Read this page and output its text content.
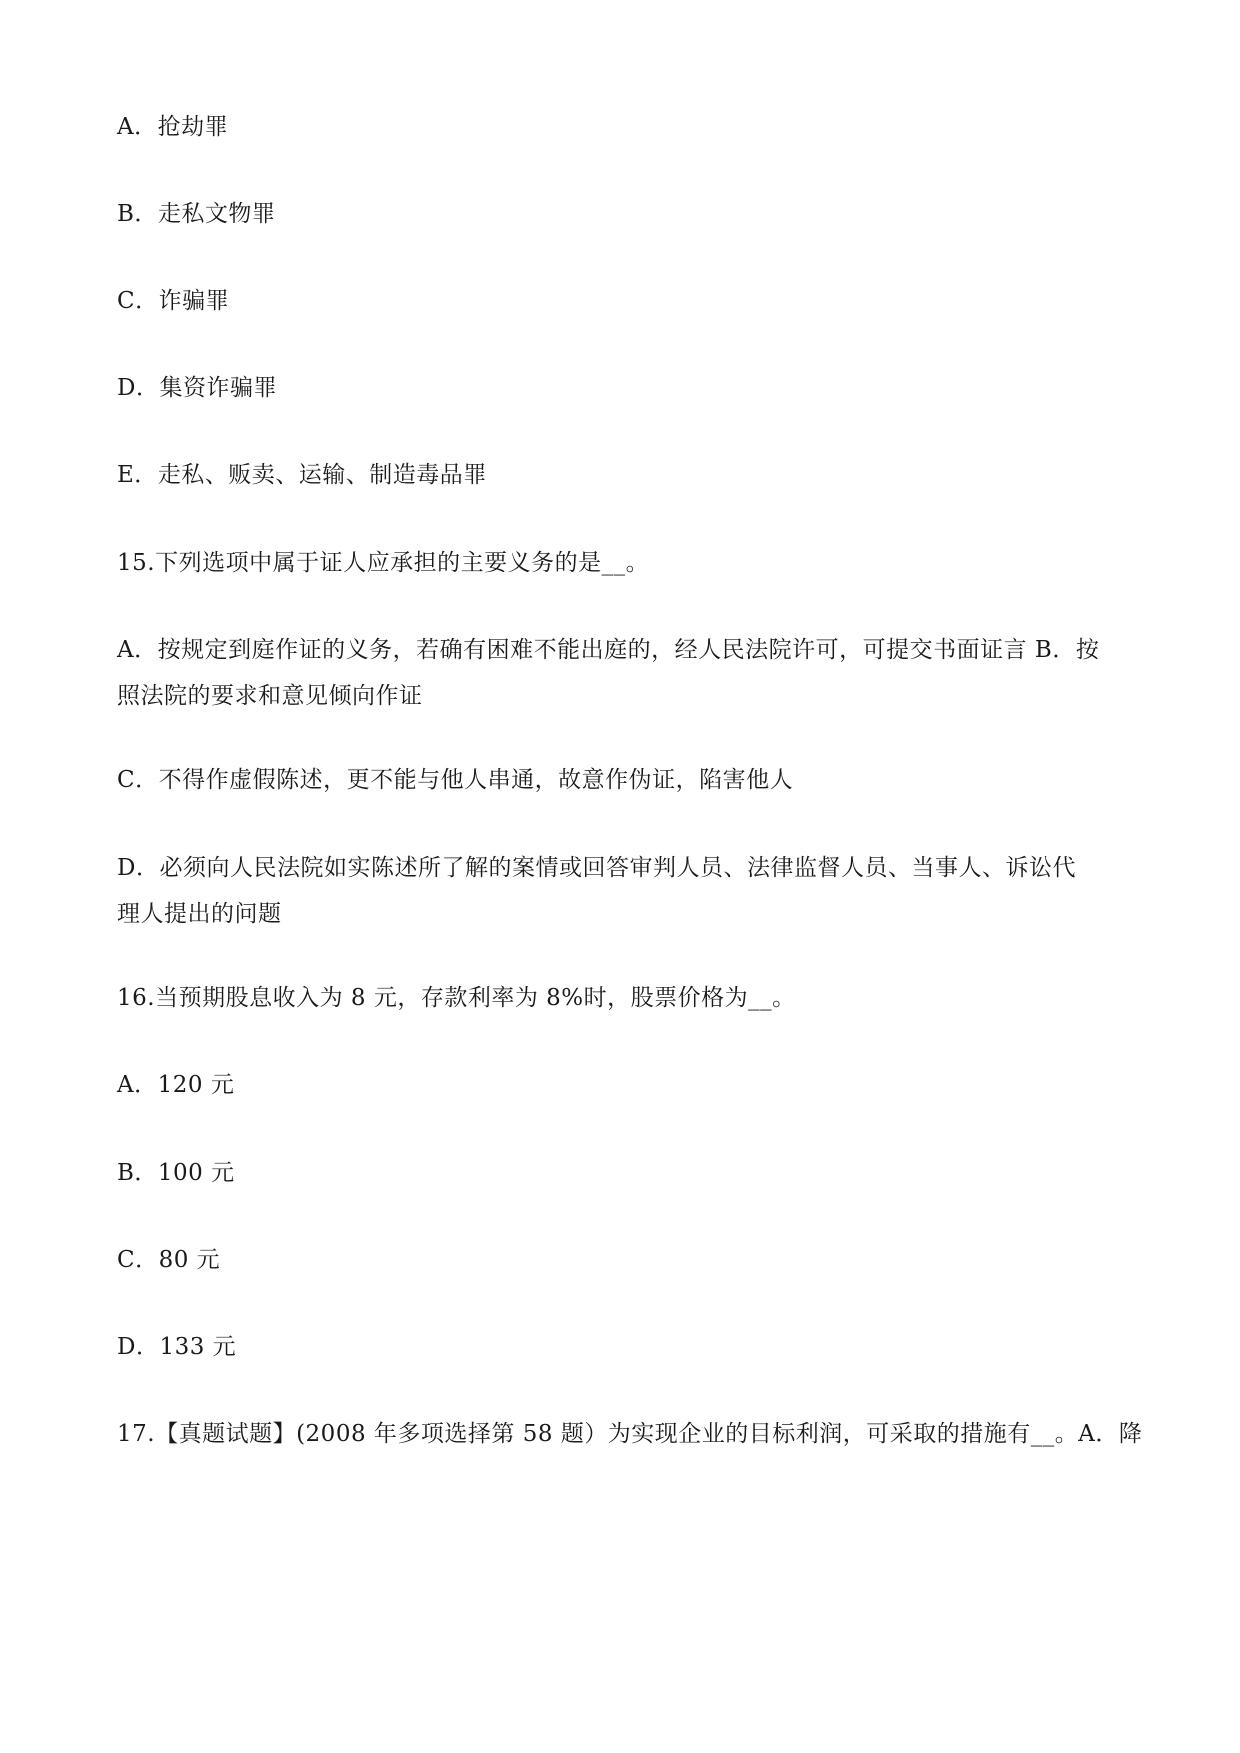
A．抢劫罪
B．走私文物罪
C．诈骗罪
D．集资诈骗罪
E．走私、贩卖、运输、制造毒品罪
15.下列选项中属于证人应承担的主要义务的是__。
A．按规定到庭作证的义务，若确有困难不能出庭的，经人民法院许可，可提交书面证言 B．按
照法院的要求和意见倾向作证
C．不得作虚假陈述，更不能与他人串通，故意作伪证，陷害他人
D．必须向人民法院如实陈述所了解的案情或回答审判人员、法律监督人员、当事人、诉讼代
理人提出的问题
16.当预期股息收入为 8 元，存款利率为 8%时，股票价格为__。
A．120 元
B．100 元
C．80 元
D．133 元
17.【真题试题】(2008 年多项选择第 58 题）为实现企业的目标利润，可采取的措施有__。A．降
